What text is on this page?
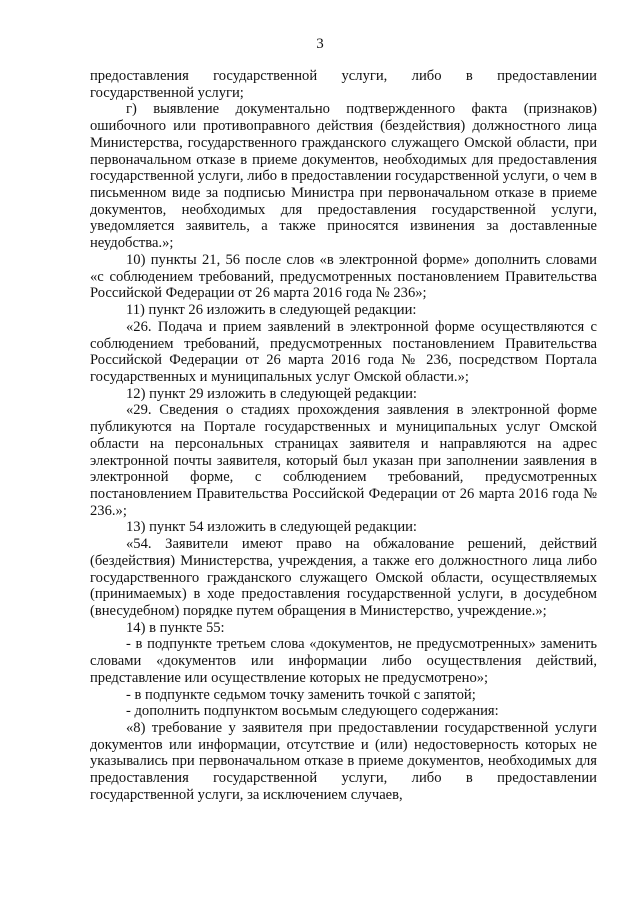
3

предоставления государственной услуги, либо в предоставлении государственной услуги;

г) выявление документально подтвержденного факта (признаков) ошибочного или противоправного действия (бездействия) должностного лица Министерства, государственного гражданского служащего Омской области, при первоначальном отказе в приеме документов, необходимых для предоставления государственной услуги, либо в предоставлении государственной услуги, о чем в письменном виде за подписью Министра при первоначальном отказе в приеме документов, необходимых для предоставления государственной услуги, уведомляется заявитель, а также приносятся извинения за доставленные неудобства.»;

10) пункты 21, 56 после слов «в электронной форме» дополнить словами «с соблюдением требований, предусмотренных постановлением Правительства Российской Федерации от 26 марта 2016 года № 236»;

11) пункт 26 изложить в следующей редакции:

«26. Подача и прием заявлений в электронной форме осуществляются с соблюдением требований, предусмотренных постановлением Правительства Российской Федерации от 26 марта 2016 года № 236, посредством Портала государственных и муниципальных услуг Омской области.»;

12) пункт 29 изложить в следующей редакции:

«29. Сведения о стадиях прохождения заявления в электронной форме публикуются на Портале государственных и муниципальных услуг Омской области на персональных страницах заявителя и направляются на адрес электронной почты заявителя, который был указан при заполнении заявления в электронной форме, с соблюдением требований, предусмотренных постановлением Правительства Российской Федерации от 26 марта 2016 года № 236.»;

13) пункт 54 изложить в следующей редакции:

«54. Заявители имеют право на обжалование решений, действий (бездействия) Министерства, учреждения, а также его должностного лица либо государственного гражданского служащего Омской области, осуществляемых (принимаемых) в ходе предоставления государственной услуги, в досудебном (внесудебном) порядке путем обращения в Министерство, учреждение.»;

14) в пункте 55:

- в подпункте третьем слова «документов, не предусмотренных» заменить словами «документов или информации либо осуществления действий, представление или осуществление которых не предусмотрено»;

- в подпункте седьмом точку заменить точкой с запятой;

- дополнить подпунктом восьмым следующего содержания:

«8) требование у заявителя при предоставлении государственной услуги документов или информации, отсутствие и (или) недостоверность которых не указывались при первоначальном отказе в приеме документов, необходимых для предоставления государственной услуги, либо в предоставлении государственной услуги, за исключением случаев,
